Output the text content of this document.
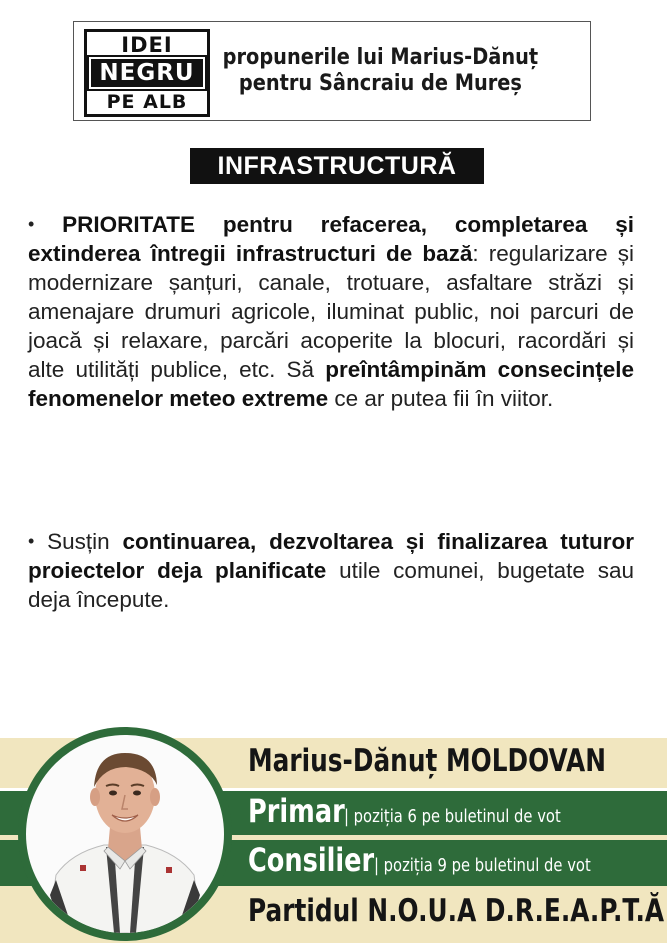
IDEI
NEGRU
PE ALB
propunerile lui Marius-Dănuț
pentru Sâncraiu de Mureș
INFRASTRUCTURĂ
• PRIORITATE pentru refacerea, completarea și extinderea întregii infrastructuri de bază: regularizare și modernizare șanțuri, canale, trotuare, asfaltare străzi și amenajare drumuri agricole, iluminat public, noi parcuri de joacă și relaxare, parcări acoperite la blocuri, racordări și alte utilități publice, etc. Să preîntâmpinăm consecințele fenomenelor meteo extreme ce ar putea fii în viitor.
• Susțin continuarea, dezvoltarea și finalizarea tuturor proiectelor deja planificate utile comunei, bugetate sau deja începute.
Marius-Dănuț MOLDOVAN
Primar| poziția 6 pe buletinul de vot
Consilier| poziția 9 pe buletinul de vot
Partidul N.O.U.A D.R.E.A.P.T.Ă
